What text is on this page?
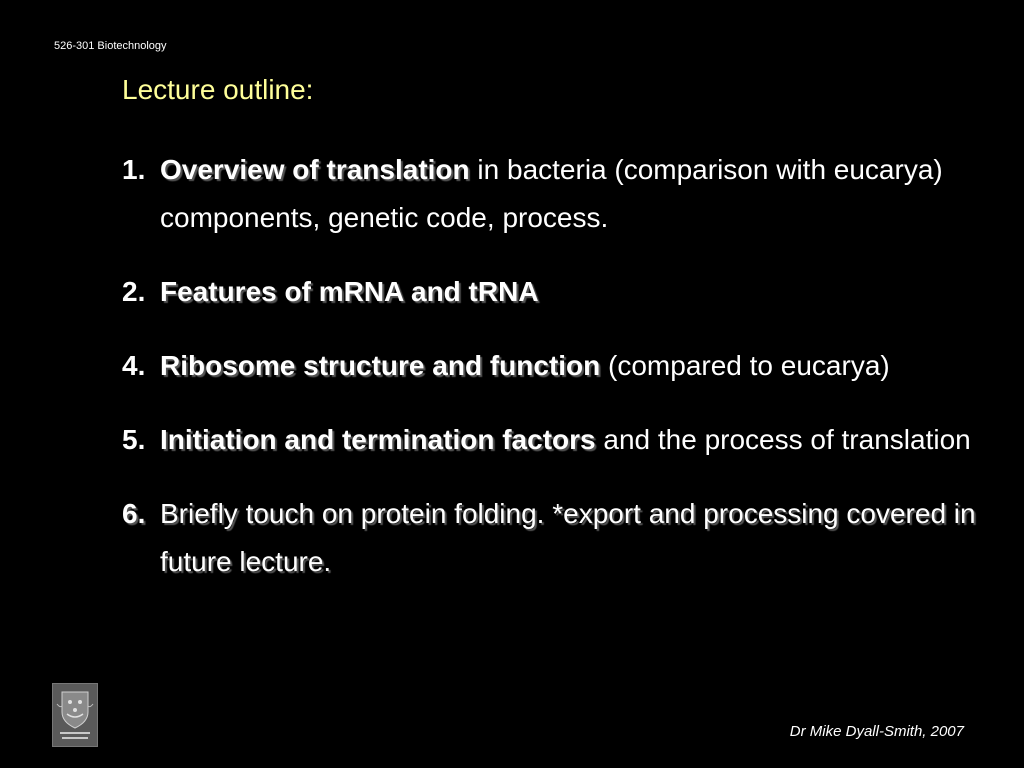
526-301 Biotechnology
Lecture outline:
1. Overview of translation in bacteria (comparison with eucarya) components, genetic code, process.
2. Features of mRNA and tRNA
4. Ribosome structure and function (compared to eucarya)
5. Initiation and termination factors and the process of translation
6. Briefly touch on protein folding. *export and processing covered in future lecture.
Dr Mike Dyall-Smith, 2007
